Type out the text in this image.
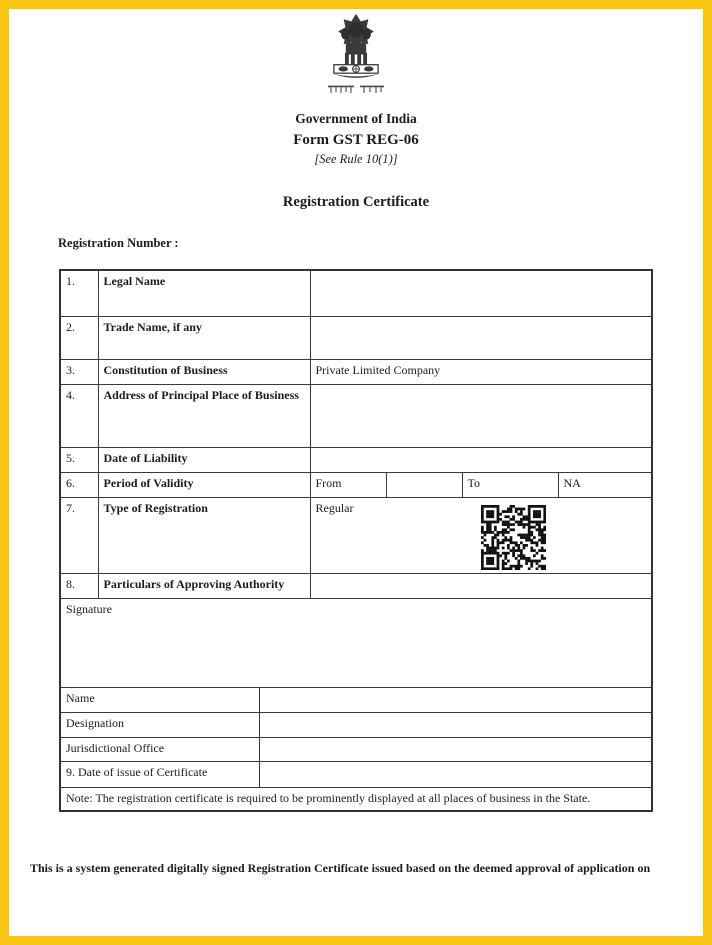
Government of India
Form GST REG-06
[See Rule 10(1)]
Registration Certificate
Registration Number :
1.	Legal Name					
2.	Trade Name, if any					
3.	Constitution of Business		Private Limited Company			
4.	Address of Principal Place of Business					
5.	Date of Liability					
6.	Period of Validity		From		To	NA
7.	Type of Registration		Regular			

8.	Particulars of Approving Authority					
Signature						
Name						
Designation						
Jurisdictional Office						
9. Date of issue of Certificate						
Note: The registration certificate is required to be prominently displayed at all places of business in the State.						
This is a system generated digitally signed Registration Certificate issued based on the deemed approval of application on
